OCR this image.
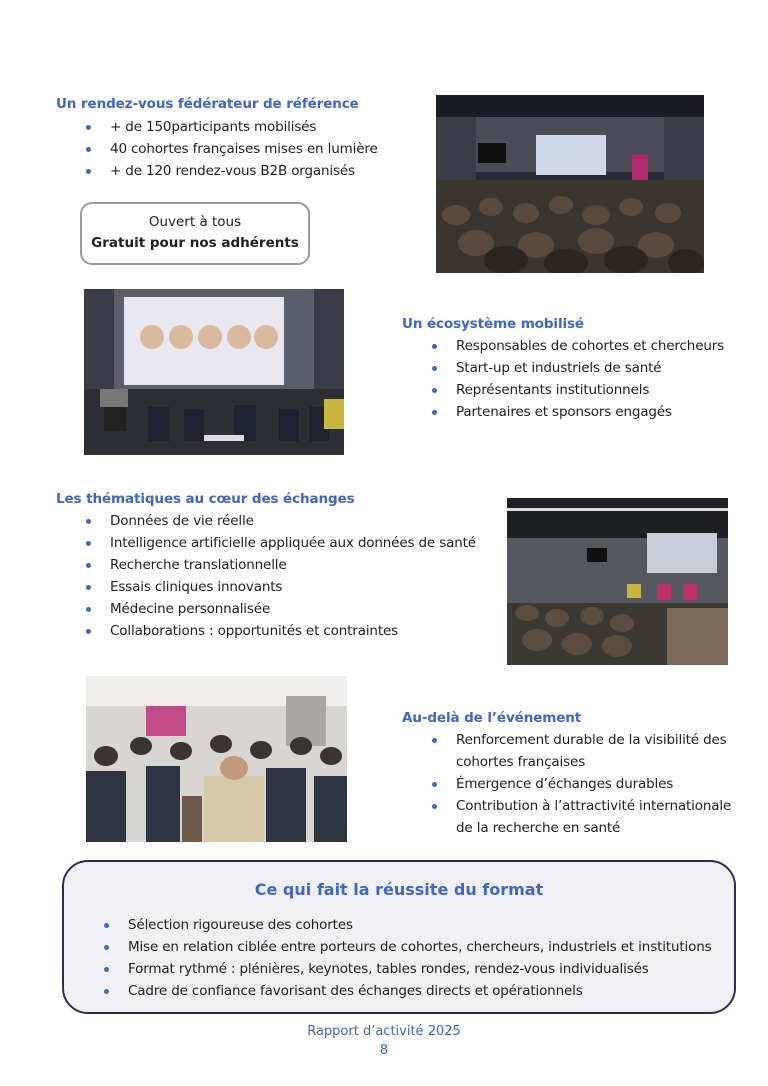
Un rendez-vous fédérateur de référence
+ de 150participants mobilisés
40 cohortes françaises mises en lumière
+ de 120 rendez-vous B2B organisés
Ouvert à tous
Gratuit pour nos adhérents
Un écosystème mobilisé
Responsables de cohortes et chercheurs
Start-up et industriels de santé
Représentants institutionnels
Partenaires et sponsors engagés
Les thématiques au cœur des échanges
Données de vie réelle
Intelligence artificielle appliquée aux données de santé
Recherche translationnelle
Essais cliniques innovants
Médecine personnalisée
Collaborations : opportunités et contraintes
Au-delà de l’événement
Renforcement durable de la visibilité des cohortes françaises
Émergence d’échanges durables
Contribution à l’attractivité internationale de la recherche en santé
Ce qui fait la réussite du format
Sélection rigoureuse des cohortes
Mise en relation ciblée entre porteurs de cohortes, chercheurs, industriels et institutions
Format rythmé : plénières, keynotes, tables rondes, rendez-vous individualisés
Cadre de confiance favorisant des échanges directs et opérationnels
Rapport d’activité 2025
8
